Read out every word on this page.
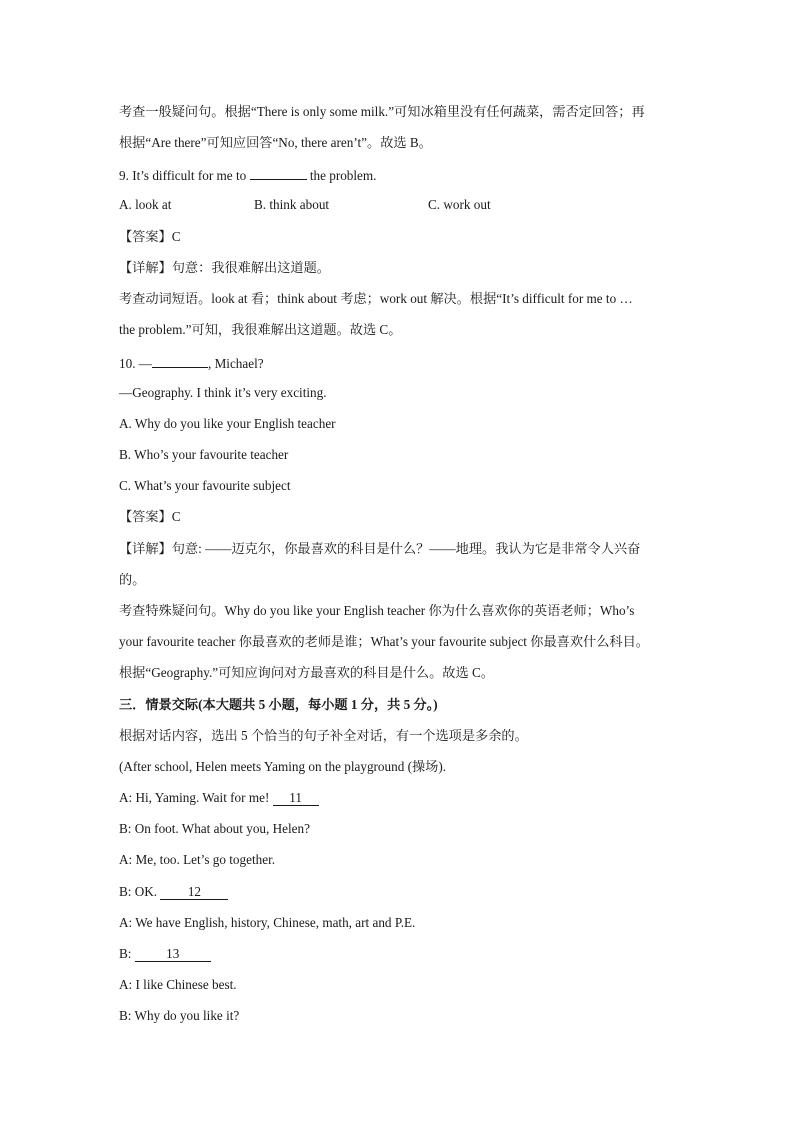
考查一般疑问句。根据“There is only some milk.”可知冰箱里没有任何蔬菜，需否定回答；再
根据“Are there”可知应回答“No, there aren’t”。故选 B。
9. It’s difficult for me to	the problem.
A. look at	B. think about	C. work out
【答案】C
【详解】句意：我很难解出这道题。
考查动词短语。look at 看；think about 考虑；work out 解决。根据“It’s difficult for me to …
the problem.”可知，我很难解出这道题。故选 C。
10. —	, Michael?
—Geography. I think it’s very exciting.
A. Why do you like your English teacher
B. Who’s your favourite teacher
C. What’s your favourite subject
【答案】C
【详解】句意: ——迈克尔，你最喜欢的科目是什么？——地理。我认为它是非常令人兴奋
的。
考查特殊疑问句。Why do you like your English teacher 你为什么喜欢你的英语老师；Who’s
your favourite teacher 你最喜欢的老师是谁；What’s your favourite subject 你最喜欢什么科目。
根据“Geography.”可知应询问对方最喜欢的科目是什么。故选 C。
三．情景交际(本大题共 5 小题，每小题 1 分，共 5 分。)
根据对话内容，选出 5 个恰当的句子补全对话，有一个选项是多余的。
(After school, Helen meets Yaming on the playground (操场).
A: Hi, Yaming. Wait for me! 11
B: On foot. What about you, Helen?
A: Me, too. Let’s go together.
B: OK. 12
A: We have English, history, Chinese, math, art and P.E.
B: 13
A: I like Chinese best.
B: Why do you like it?
